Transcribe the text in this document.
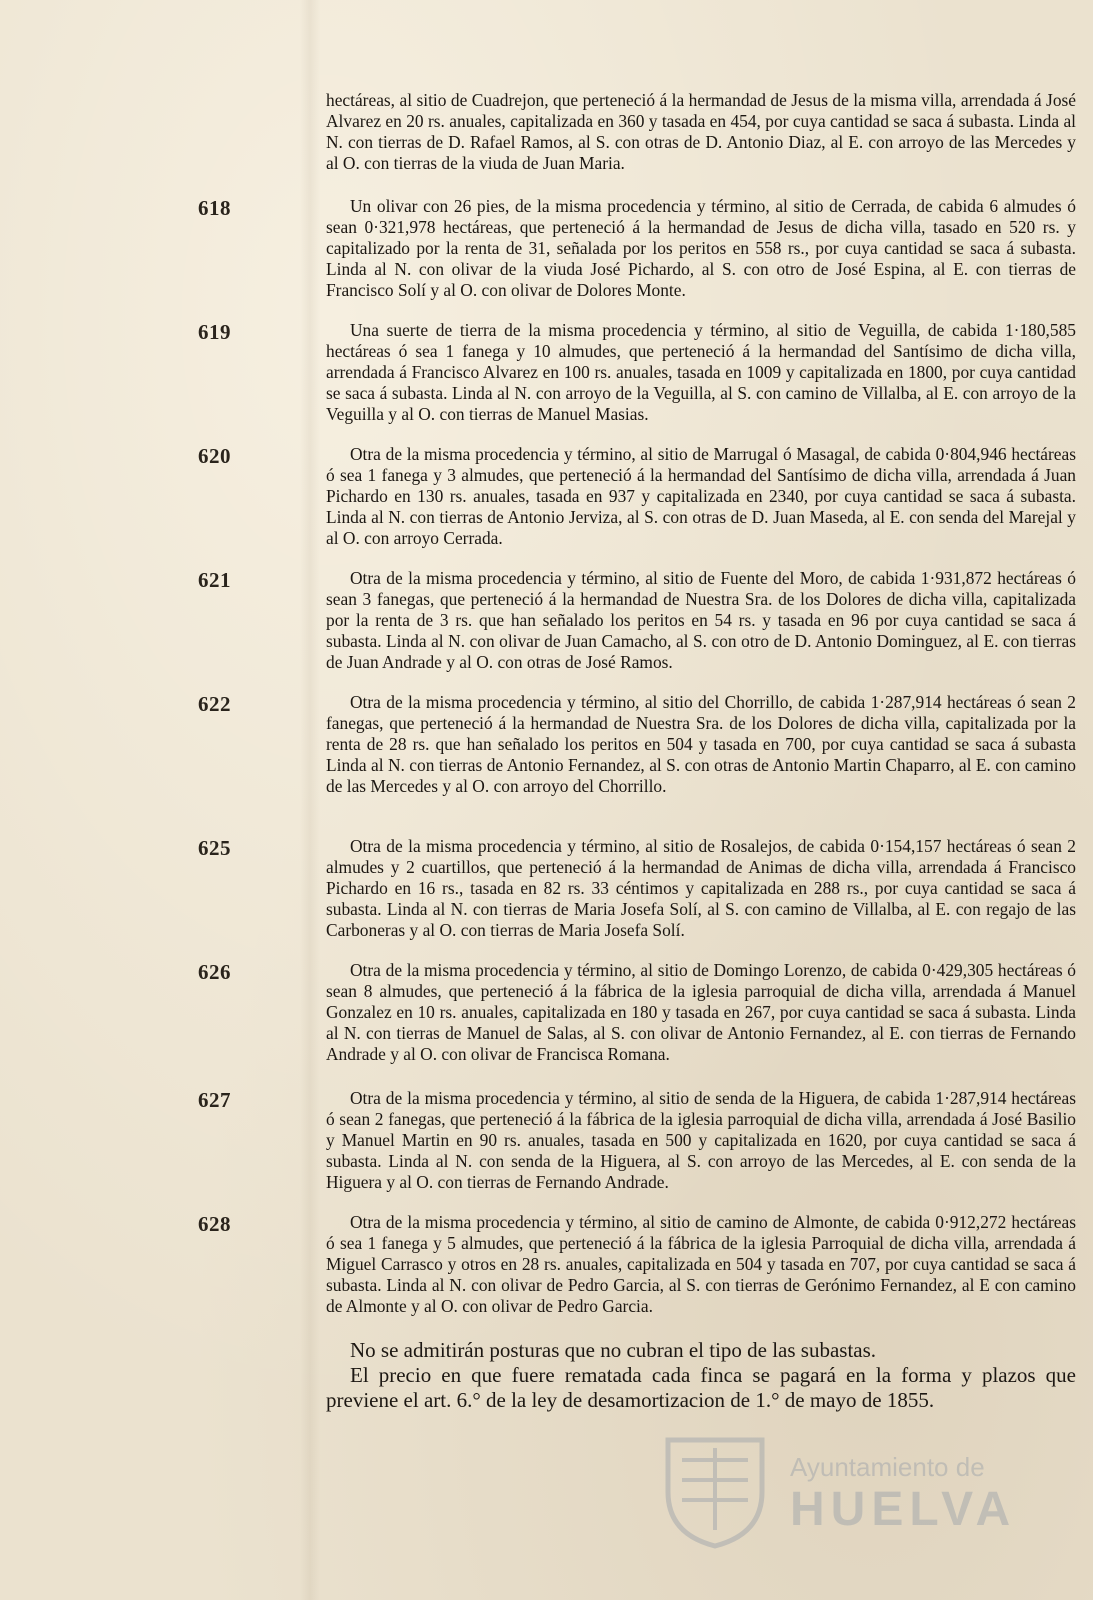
hectáreas, al sitio de Cuadrejon, que perteneció á la hermandad de Jesus de la misma villa, arrendada á José Alvarez en 20 rs. anuales, capitalizada en 360 y tasada en 454, por cuya cantidad se saca á subasta. Linda al N. con tierras de D. Rafael Ramos, al S. con otras de D. Antonio Diaz, al E. con arroyo de las Mercedes y al O. con tierras de la viuda de Juan Maria.
618	Un olivar con 26 pies, de la misma procedencia y término, al sitio de Cerrada, de cabida 6 almudes ó sean 0·321,978 hectáreas, que perteneció á la hermandad de Jesus de dicha villa, tasado en 520 rs. y capitalizado por la renta de 31, señalada por los peritos en 558 rs., por cuya cantidad se saca á subasta. Linda al N. con olivar de la viuda José Pichardo, al S. con otro de José Espina, al E. con tierras de Francisco Solí y al O. con olivar de Dolores Monte.
619	Una suerte de tierra de la misma procedencia y término, al sitio de Veguilla, de cabida 1·180,585 hectáreas ó sea 1 fanega y 10 almudes, que perteneció á la hermandad del Santísimo de dicha villa, arrendada á Francisco Alvarez en 100 rs. anuales, tasada en 1009 y capitalizada en 1800, por cuya cantidad se saca á subasta. Linda al N. con arroyo de la Veguilla, al S. con camino de Villalba, al E. con arroyo de la Veguilla y al O. con tierras de Manuel Masias.
620	Otra de la misma procedencia y término, al sitio de Marrugal ó Masagal, de cabida 0·804,946 hectáreas ó sea 1 fanega y 3 almudes, que perteneció á la hermandad del Santísimo de dicha villa, arrendada á Juan Pichardo en 130 rs. anuales, tasada en 937 y capitalizada en 2340, por cuya cantidad se saca á subasta. Linda al N. con tierras de Antonio Jerviza, al S. con otras de D. Juan Maseda, al E. con senda del Marejal y al O. con arroyo Cerrada.
621	Otra de la misma procedencia y término, al sitio de Fuente del Moro, de cabida 1·931,872 hectáreas ó sean 3 fanegas, que perteneció á la hermandad de Nuestra Sra. de los Dolores de dicha villa, capitalizada por la renta de 3 rs. que han señalado los peritos en 54 rs. y tasada en 96 por cuya cantidad se saca á subasta. Linda al N. con olivar de Juan Camacho, al S. con otro de D. Antonio Dominguez, al E. con tierras de Juan Andrade y al O. con otras de José Ramos.
622	Otra de la misma procedencia y término, al sitio del Chorrillo, de cabida 1·287,914 hectáreas ó sean 2 fanegas, que perteneció á la hermandad de Nuestra Sra. de los Dolores de dicha villa, capitalizada por la renta de 28 rs. que han señalado los peritos en 504 y tasada en 700, por cuya cantidad se saca á subasta Linda al N. con tierras de Antonio Fernandez, al S. con otras de Antonio Martin Chaparro, al E. con camino de las Mercedes y al O. con arroyo del Chorrillo.
625	Otra de la misma procedencia y término, al sitio de Rosalejos, de cabida 0·154,157 hectáreas ó sean 2 almudes y 2 cuartillos, que perteneció á la hermandad de Animas de dicha villa, arrendada á Francisco Pichardo en 16 rs., tasada en 82 rs. 33 céntimos y capitalizada en 288 rs., por cuya cantidad se saca á subasta. Linda al N. con tierras de Maria Josefa Solí, al S. con camino de Villalba, al E. con regajo de las Carboneras y al O. con tierras de Maria Josefa Solí.
626	Otra de la misma procedencia y término, al sitio de Domingo Lorenzo, de cabida 0·429,305 hectáreas ó sean 8 almudes, que perteneció á la fábrica de la iglesia parroquial de dicha villa, arrendada á Manuel Gonzalez en 10 rs. anuales, capitalizada en 180 y tasada en 267, por cuya cantidad se saca á subasta. Linda al N. con tierras de Manuel de Salas, al S. con olivar de Antonio Fernandez, al E. con tierras de Fernando Andrade y al O. con olivar de Francisca Romana.
627	Otra de la misma procedencia y término, al sitio de senda de la Higuera, de cabida 1·287,914 hectáreas ó sean 2 fanegas, que perteneció á la fábrica de la iglesia parroquial de dicha villa, arrendada á José Basilio y Manuel Martin en 90 rs. anuales, tasada en 500 y capitalizada en 1620, por cuya cantidad se saca á subasta. Linda al N. con senda de la Higuera, al S. con arroyo de las Mercedes, al E. con senda de la Higuera y al O. con tierras de Fernando Andrade.
628	Otra de la misma procedencia y término, al sitio de camino de Almonte, de cabida 0·912,272 hectáreas ó sea 1 fanega y 5 almudes, que perteneció á la fábrica de la iglesia Parroquial de dicha villa, arrendada á Miguel Carrasco y otros en 28 rs. anuales, capitalizada en 504 y tasada en 707, por cuya cantidad se saca á subasta. Linda al N. con olivar de Pedro Garcia, al S. con tierras de Gerónimo Fernandez, al E con camino de Almonte y al O. con olivar de Pedro Garcia.

No se admitirán posturas que no cubran el tipo de las subastas.

El precio en que fuere rematada cada finca se pagará en la forma y plazos que previene el art. 6.° de la ley de desamortizacion de 1.° de mayo de 1855.

Ayuntamiento de
HUELVA
